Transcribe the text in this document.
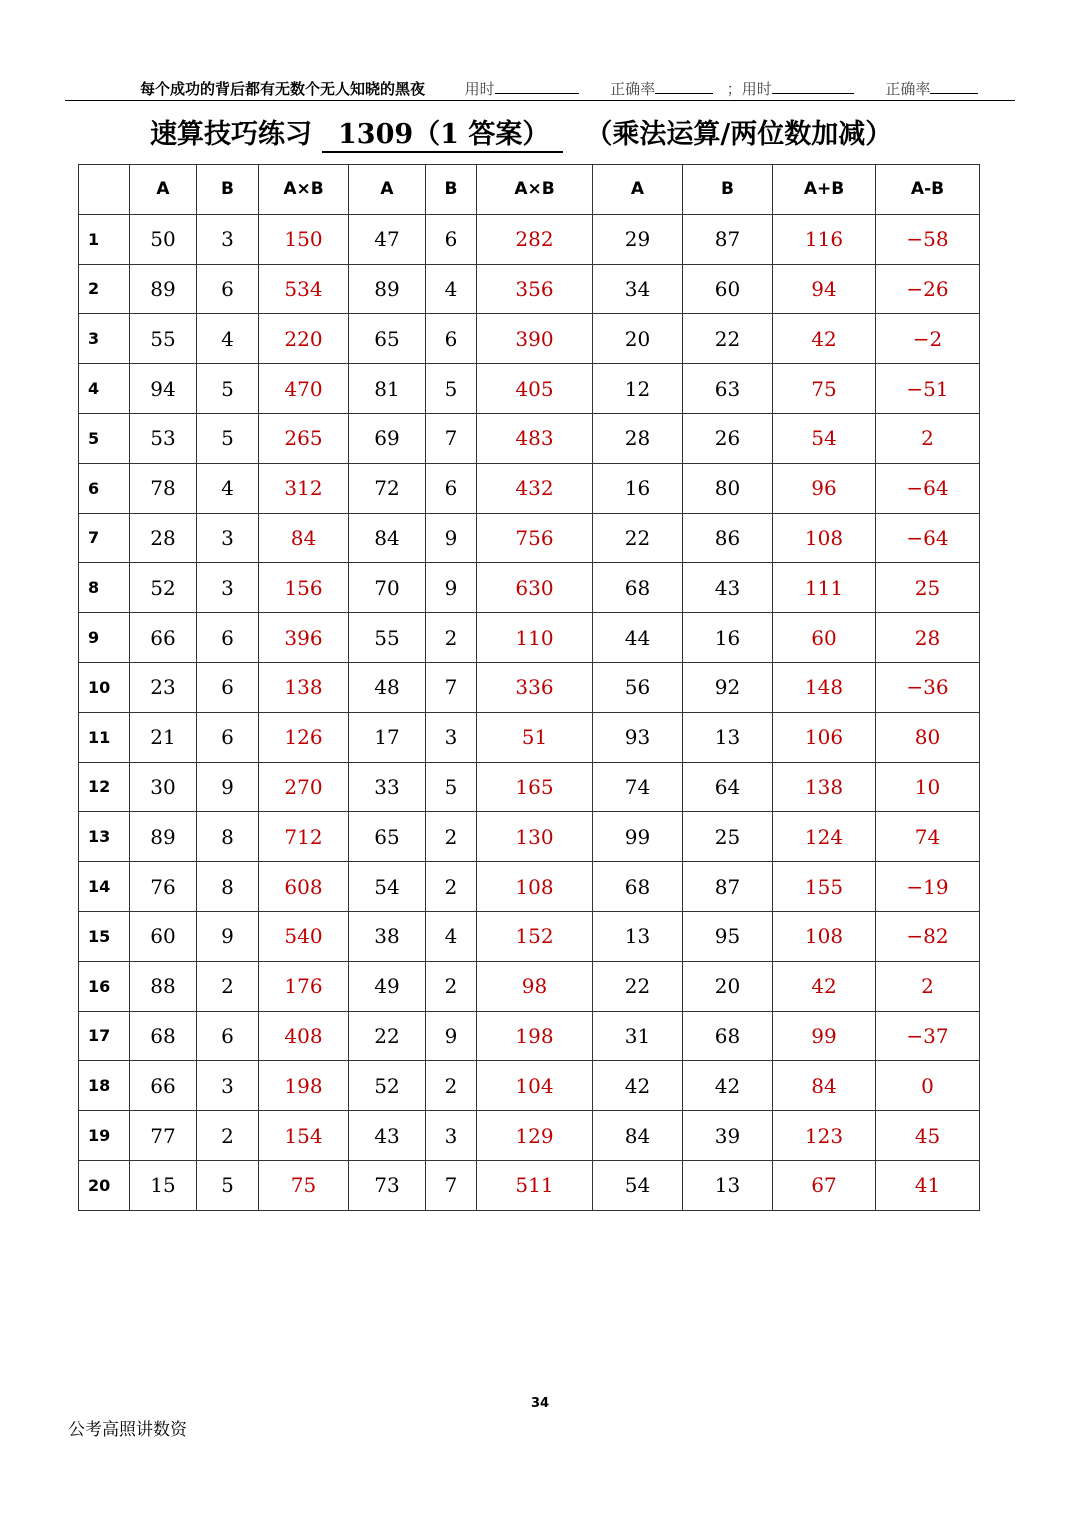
每个成功的背后都有无数个无人知晓的黑夜	用时	正确率	；用时	正确率
速算技巧练习 1309（1 答案） （乘法运算/两位数加减）
	A	B	A×B	A	B	A×B	A	B	A+B	A-B
1	50	3	150	47	6	282	29	87	116	−58
2	89	6	534	89	4	356	34	60	94	−26
3	55	4	220	65	6	390	20	22	42	−2
4	94	5	470	81	5	405	12	63	75	−51
5	53	5	265	69	7	483	28	26	54	2
6	78	4	312	72	6	432	16	80	96	−64
7	28	3	84	84	9	756	22	86	108	−64
8	52	3	156	70	9	630	68	43	111	25
9	66	6	396	55	2	110	44	16	60	28
10	23	6	138	48	7	336	56	92	148	−36
11	21	6	126	17	3	51	93	13	106	80
12	30	9	270	33	5	165	74	64	138	10
13	89	8	712	65	2	130	99	25	124	74
14	76	8	608	54	2	108	68	87	155	−19
15	60	9	540	38	4	152	13	95	108	−82
16	88	2	176	49	2	98	22	20	42	2
17	68	6	408	22	9	198	31	68	99	−37
18	66	3	198	52	2	104	42	42	84	0
19	77	2	154	43	3	129	84	39	123	45
20	15	5	75	73	7	511	54	13	67	41
34
公考高照讲数资
